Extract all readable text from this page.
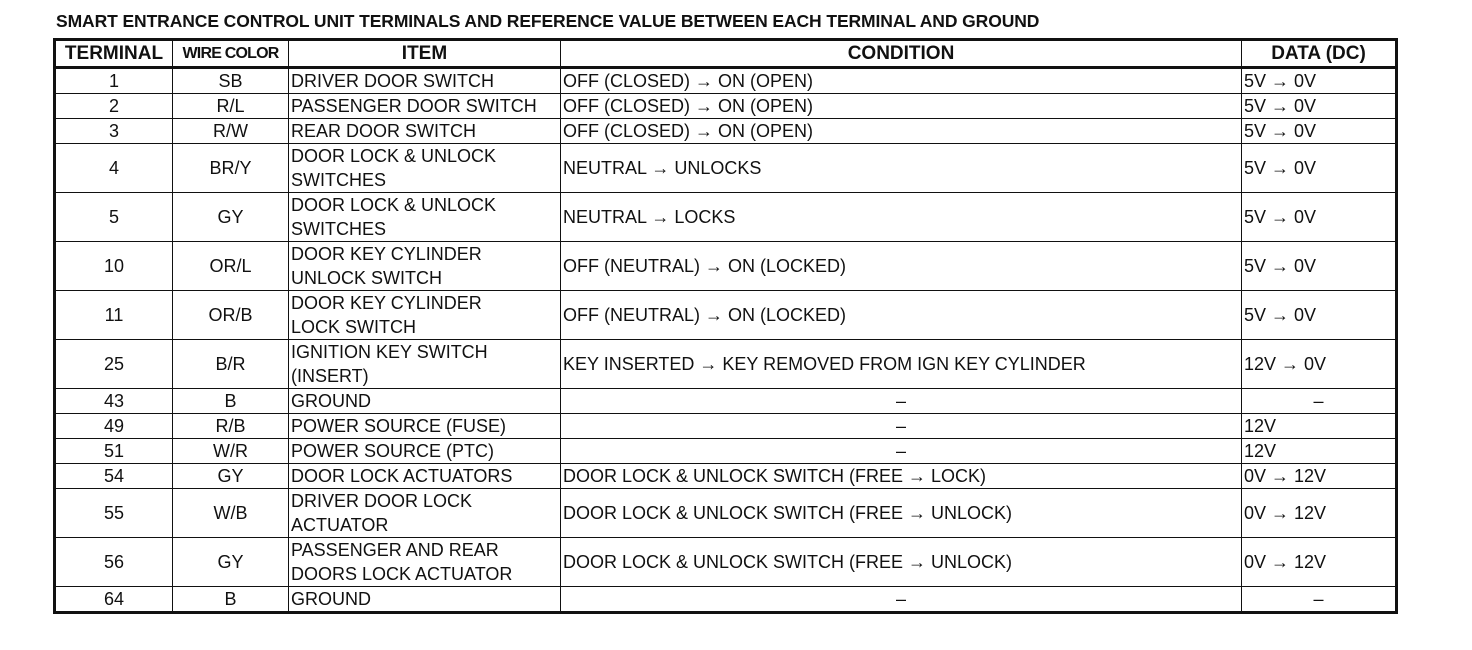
SMART ENTRANCE CONTROL UNIT TERMINALS AND REFERENCE VALUE BETWEEN EACH TERMINAL AND GROUND
TERMINAL	WIRE COLOR	ITEM	CONDITION	DATA (DC)
1	SB	DRIVER DOOR SWITCH	OFF (CLOSED) → ON (OPEN)	5V → 0V
2	R/L	PASSENGER DOOR SWITCH	OFF (CLOSED) → ON (OPEN)	5V → 0V
3	R/W	REAR DOOR SWITCH	OFF (CLOSED) → ON (OPEN)	5V → 0V
4	BR/Y	DOOR LOCK & UNLOCK
SWITCHES	NEUTRAL → UNLOCKS	5V → 0V
5	GY	DOOR LOCK & UNLOCK
SWITCHES	NEUTRAL → LOCKS	5V → 0V
10	OR/L	DOOR KEY CYLINDER
UNLOCK SWITCH	OFF (NEUTRAL) → ON (LOCKED)	5V → 0V
11	OR/B	DOOR KEY CYLINDER
LOCK SWITCH	OFF (NEUTRAL) → ON (LOCKED)	5V → 0V
25	B/R	IGNITION KEY SWITCH
(INSERT)	KEY INSERTED → KEY REMOVED FROM IGN KEY CYLINDER	12V → 0V
43	B	GROUND	–	–
49	R/B	POWER SOURCE (FUSE)	–	12V
51	W/R	POWER SOURCE (PTC)	–	12V
54	GY	DOOR LOCK ACTUATORS	DOOR LOCK & UNLOCK SWITCH (FREE → LOCK)	0V → 12V
55	W/B	DRIVER DOOR LOCK
ACTUATOR	DOOR LOCK & UNLOCK SWITCH (FREE → UNLOCK)	0V → 12V
56	GY	PASSENGER AND REAR
DOORS LOCK ACTUATOR	DOOR LOCK & UNLOCK SWITCH (FREE → UNLOCK)	0V → 12V
64	B	GROUND	–	–
